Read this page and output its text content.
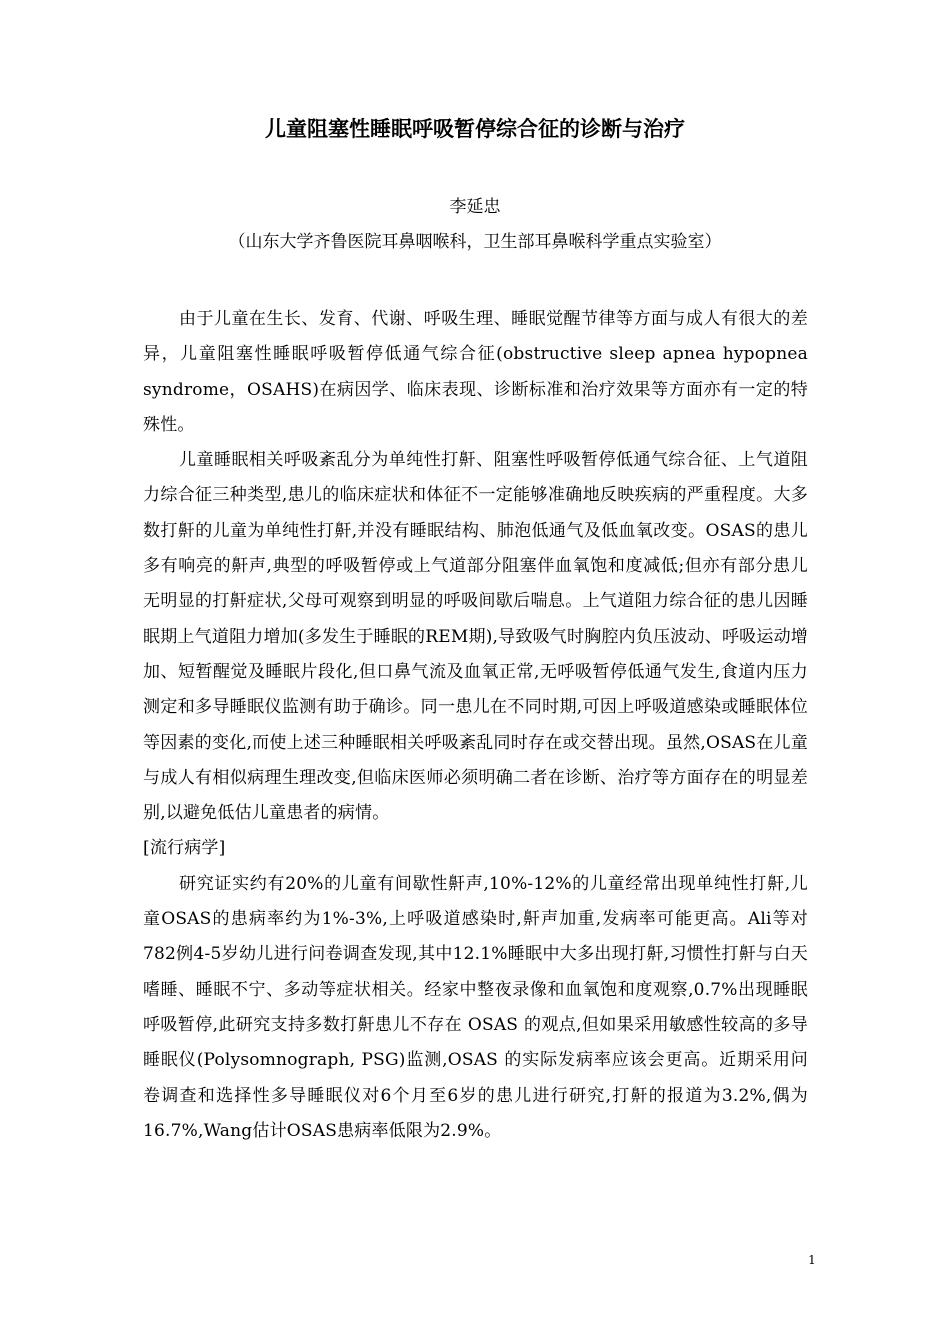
儿童阻塞性睡眠呼吸暂停综合征的诊断与治疗
李延忠
（山东大学齐鲁医院耳鼻咽喉科，卫生部耳鼻喉科学重点实验室）

由于儿童在生长、发育、代谢、呼吸生理、睡眠觉醒节律等方面与成人有很大的差异，儿童阻塞性睡眠呼吸暂停低通气综合征(obstructive sleep apnea hypopnea syndrome，OSAHS)在病因学、临床表现、诊断标准和治疗效果等方面亦有一定的特殊性。

儿童睡眠相关呼吸紊乱分为单纯性打鼾、阻塞性呼吸暂停低通气综合征、上气道阻力综合征三种类型,患儿的临床症状和体征不一定能够准确地反映疾病的严重程度。大多数打鼾的儿童为单纯性打鼾,并没有睡眠结构、肺泡低通气及低血氧改变。OSAS的患儿多有响亮的鼾声,典型的呼吸暂停或上气道部分阻塞伴血氧饱和度减低;但亦有部分患儿无明显的打鼾症状,父母可观察到明显的呼吸间歇后喘息。上气道阻力综合征的患儿因睡眠期上气道阻力增加(多发生于睡眠的REM期),导致吸气时胸腔内负压波动、呼吸运动增加、短暂醒觉及睡眠片段化,但口鼻气流及血氧正常,无呼吸暂停低通气发生,食道内压力测定和多导睡眠仪监测有助于确诊。同一患儿在不同时期,可因上呼吸道感染或睡眠体位等因素的变化,而使上述三种睡眠相关呼吸紊乱同时存在或交替出现。虽然,OSAS在儿童与成人有相似病理生理改变,但临床医师必须明确二者在诊断、治疗等方面存在的明显差别,以避免低估儿童患者的病情。

[流行病学]

研究证实约有20%的儿童有间歇性鼾声,10%-12%的儿童经常出现单纯性打鼾,儿童OSAS的患病率约为1%-3%,上呼吸道感染时,鼾声加重,发病率可能更高。Ali等对782例4-5岁幼儿进行问卷调查发现,其中12.1%睡眠中大多出现打鼾,习惯性打鼾与白天嗜睡、睡眠不宁、多动等症状相关。经家中整夜录像和血氧饱和度观察,0.7%出现睡眠呼吸暂停,此研究支持多数打鼾患儿不存在 OSAS 的观点,但如果采用敏感性较高的多导睡眠仪(Polysomnograph, PSG)监测,OSAS 的实际发病率应该会更高。近期采用问卷调查和选择性多导睡眠仪对6个月至6岁的患儿进行研究,打鼾的报道为3.2%,偶为16.7%,Wang估计OSAS患病率低限为2.9%。

1
